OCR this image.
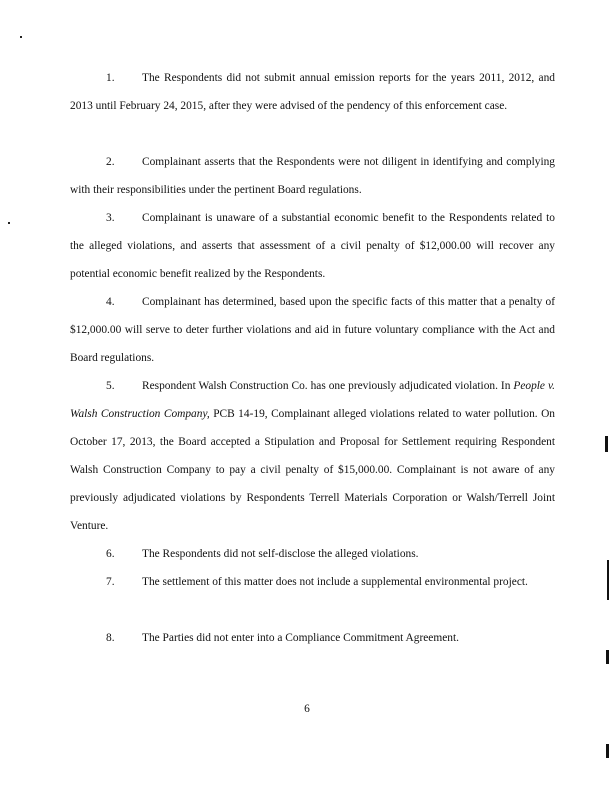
1. The Respondents did not submit annual emission reports for the years 2011, 2012, and 2013 until February 24, 2015, after they were advised of the pendency of this enforcement case.

2. Complainant asserts that the Respondents were not diligent in identifying and complying with their responsibilities under the pertinent Board regulations.

3. Complainant is unaware of a substantial economic benefit to the Respondents related to the alleged violations, and asserts that assessment of a civil penalty of $12,000.00 will recover any potential economic benefit realized by the Respondents.

4. Complainant has determined, based upon the specific facts of this matter that a penalty of $12,000.00 will serve to deter further violations and aid in future voluntary compliance with the Act and Board regulations.

5. Respondent Walsh Construction Co. has one previously adjudicated violation. In People v. Walsh Construction Company, PCB 14-19, Complainant alleged violations related to water pollution. On October 17, 2013, the Board accepted a Stipulation and Proposal for Settlement requiring Respondent Walsh Construction Company to pay a civil penalty of $15,000.00. Complainant is not aware of any previously adjudicated violations by Respondents Terrell Materials Corporation or Walsh/Terrell Joint Venture.

6. The Respondents did not self-disclose the alleged violations.

7. The settlement of this matter does not include a supplemental environmental project.

8. The Parties did not enter into a Compliance Commitment Agreement.

6
